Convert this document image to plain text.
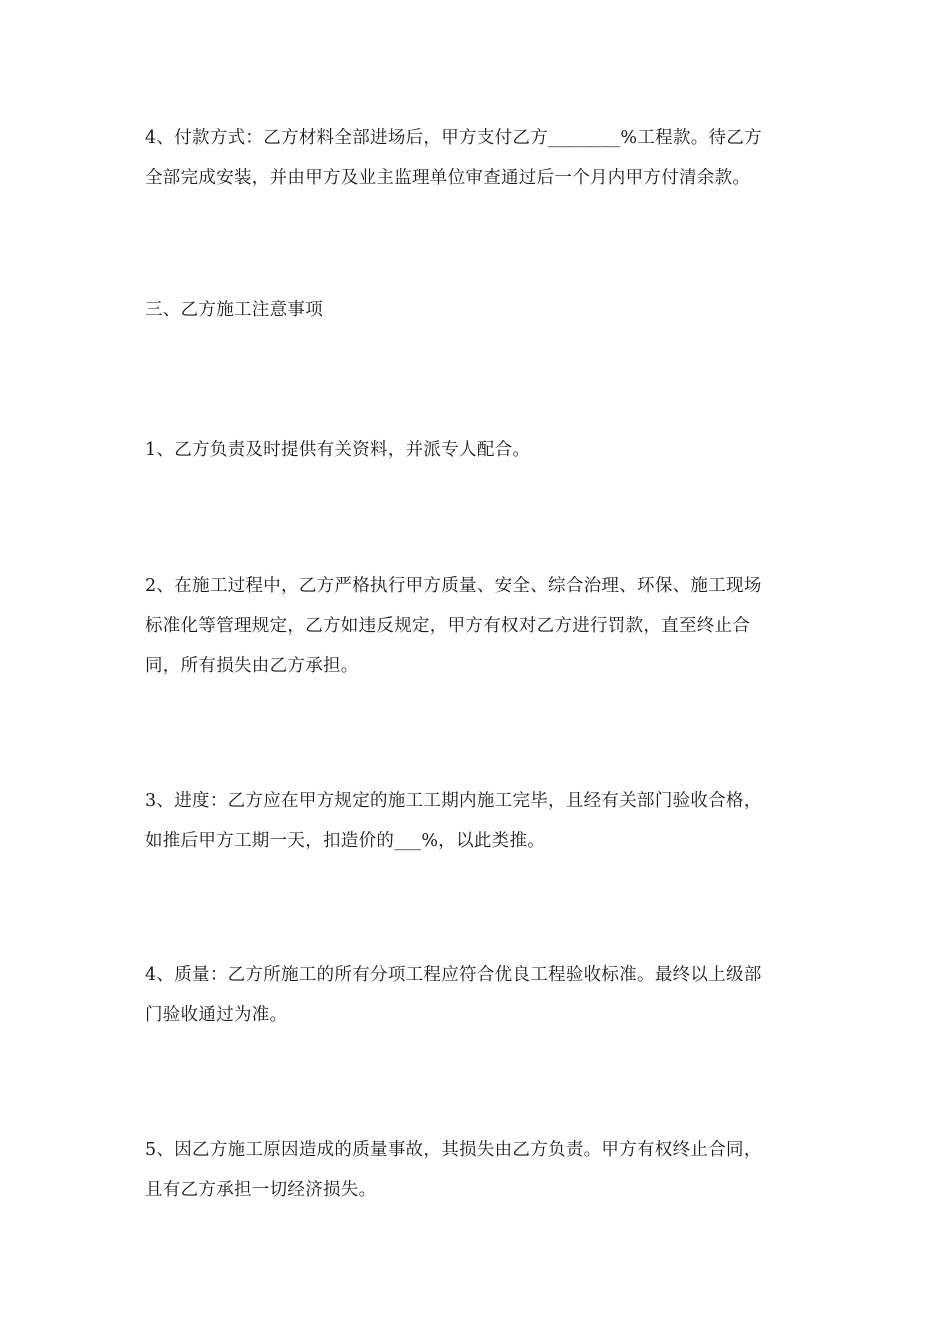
4、付款方式：乙方材料全部进场后，甲方支付乙方________%工程款。待乙方
全部完成安装，并由甲方及业主监理单位审查通过后一个月内甲方付清余款。

三、乙方施工注意事项

1、乙方负责及时提供有关资料，并派专人配合。

2、在施工过程中，乙方严格执行甲方质量、安全、综合治理、环保、施工现场
标准化等管理规定，乙方如违反规定，甲方有权对乙方进行罚款，直至终止合
同，所有损失由乙方承担。

3、进度：乙方应在甲方规定的施工工期内施工完毕，且经有关部门验收合格，
如推后甲方工期一天，扣造价的___%，以此类推。

4、质量：乙方所施工的所有分项工程应符合优良工程验收标准。最终以上级部
门验收通过为准。

5、因乙方施工原因造成的质量事故，其损失由乙方负责。甲方有权终止合同，
且有乙方承担一切经济损失。
